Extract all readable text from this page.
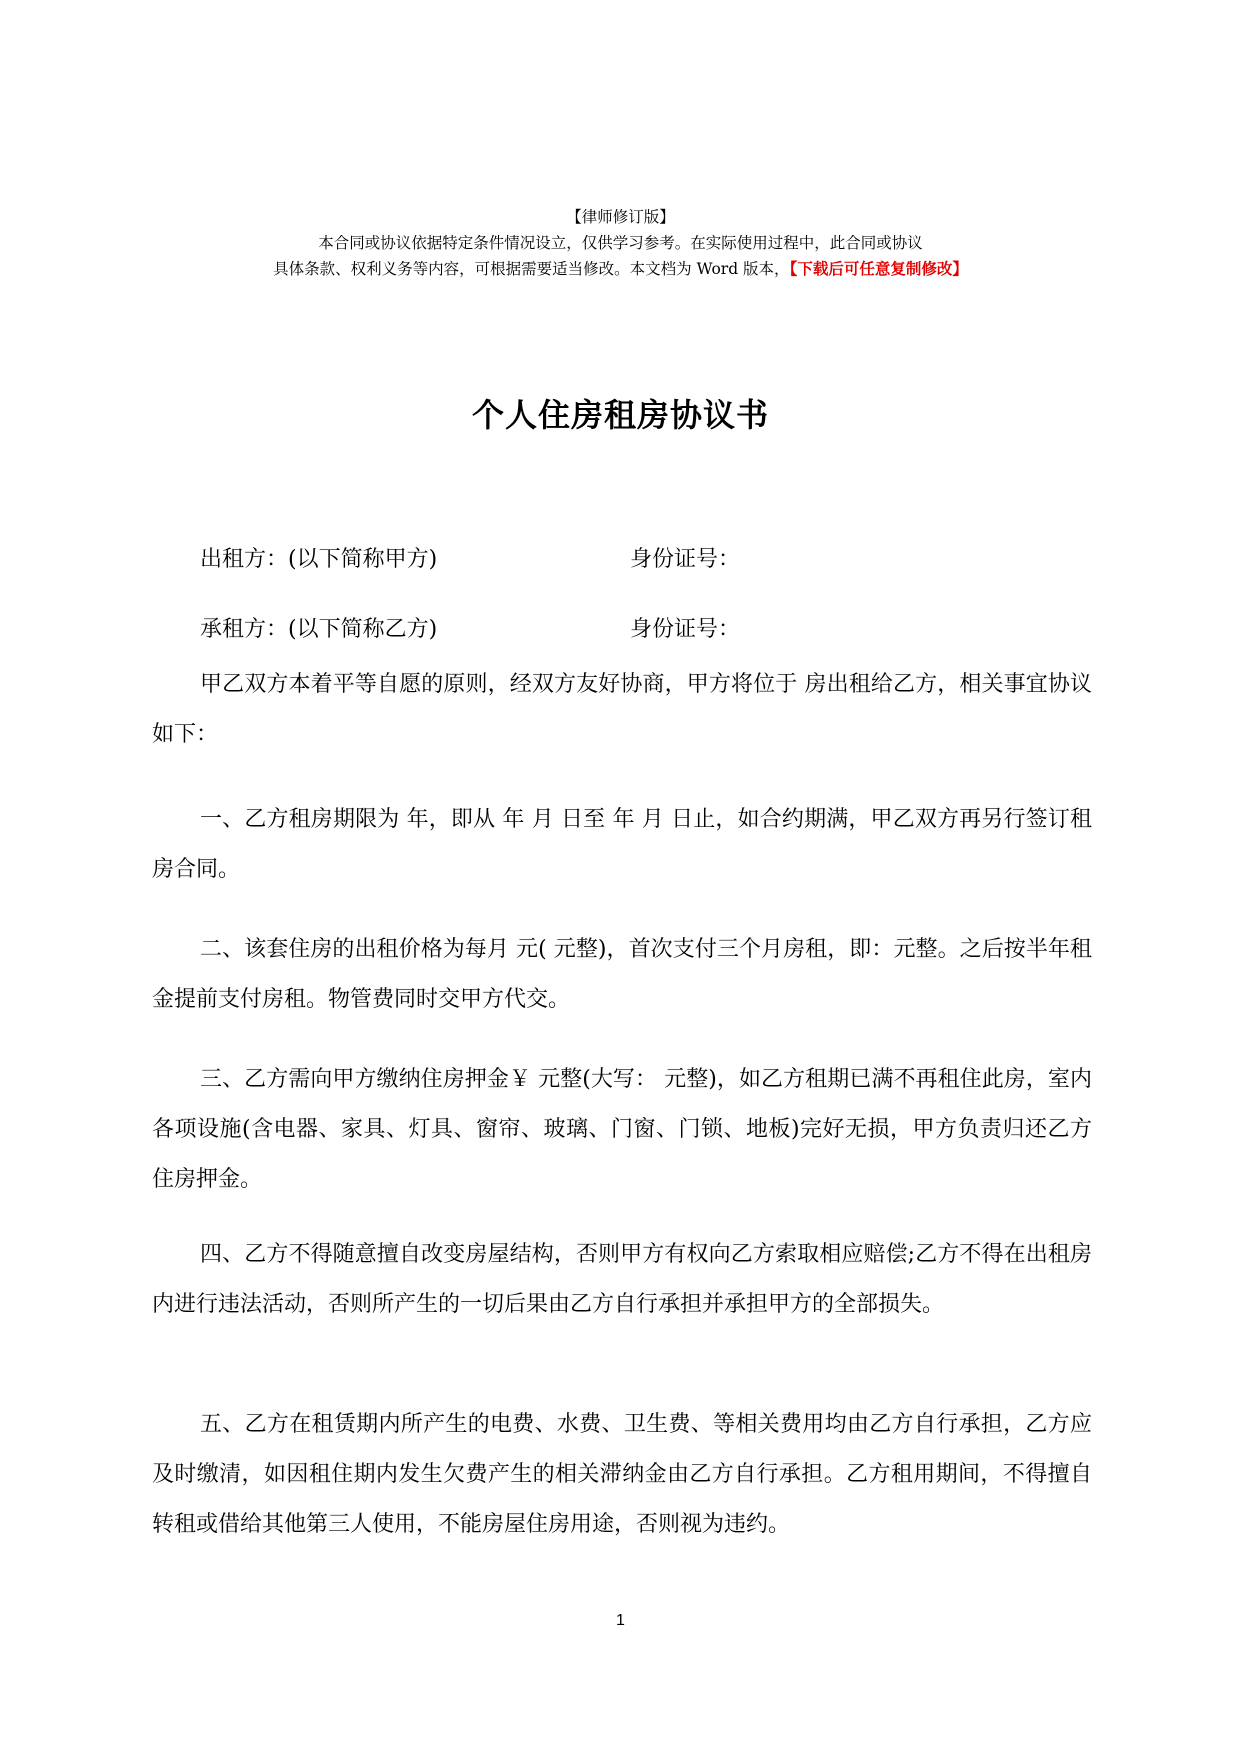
【律师修订版】
本合同或协议依据特定条件情况设立，仅供学习参考。在实际使用过程中，此合同或协议
具体条款、权利义务等内容，可根据需要适当修改。本文档为 Word 版本，【下载后可任意复制修改】
个人住房租房协议书
出租方：(以下简称甲方)	身份证号：
承租方：(以下简称乙方)	身份证号：

甲乙双方本着平等自愿的原则，经双方友好协商，甲方将位于 房出租给乙方，相关事宜协议如下：

一、乙方租房期限为 年，即从 年 月 日至 年 月 日止，如合约期满，甲乙双方再另行签订租房合同。

二、该套住房的出租价格为每月 元( 元整)，首次支付三个月房租，即：元整。之后按半年租金提前支付房租。物管费同时交甲方代交。

三、乙方需向甲方缴纳住房押金￥ 元整(大写： 元整)，如乙方租期已满不再租住此房，室内各项设施(含电器、家具、灯具、窗帘、玻璃、门窗、门锁、地板)完好无损，甲方负责归还乙方住房押金。

四、乙方不得随意擅自改变房屋结构，否则甲方有权向乙方索取相应赔偿;乙方不得在出租房内进行违法活动，否则所产生的一切后果由乙方自行承担并承担甲方的全部损失。

五、乙方在租赁期内所产生的电费、水费、卫生费、等相关费用均由乙方自行承担，乙方应及时缴清，如因租住期内发生欠费产生的相关滞纳金由乙方自行承担。乙方租用期间，不得擅自转租或借给其他第三人使用，不能房屋住房用途，否则视为违约。

1
